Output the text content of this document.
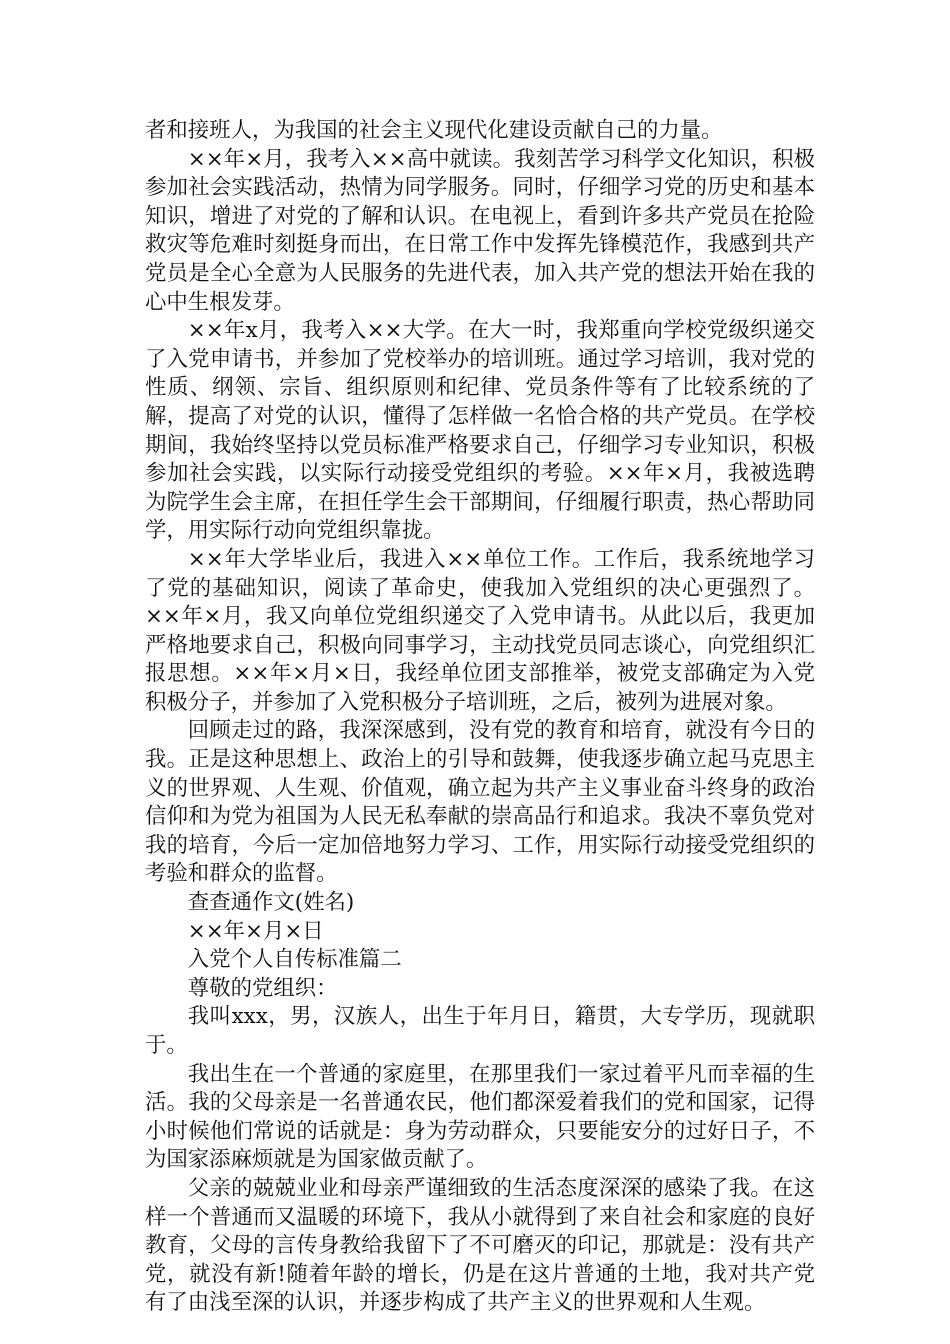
者和接班人，为我国的社会主义现代化建设贡献自己的力量。

××年×月，我考入××高中就读。我刻苦学习科学文化知识，积极参加社会实践活动，热情为同学服务。同时，仔细学习党的历史和基本知识，增进了对党的了解和认识。在电视上，看到许多共产党员在抢险救灾等危难时刻挺身而出，在日常工作中发挥先锋模范作，我感到共产党员是全心全意为人民服务的先进代表，加入共产党的想法开始在我的心中生根发芽。

××年x月，我考入××大学。在大一时，我郑重向学校党级织递交了入党申请书，并参加了党校举办的培训班。通过学习培训，我对党的性质、纲领、宗旨、组织原则和纪律、党员条件等有了比较系统的了解，提高了对党的认识，懂得了怎样做一名恰合格的共产党员。在学校期间，我始终坚持以党员标准严格要求自己，仔细学习专业知识，积极参加社会实践，以实际行动接受党组织的考验。××年×月，我被选聘为院学生会主席，在担任学生会干部期间，仔细履行职责，热心帮助同学，用实际行动向党组织靠拢。

××年大学毕业后，我进入××单位工作。工作后，我系统地学习了党的基础知识，阅读了革命史，使我加入党组织的决心更强烈了。××年×月，我又向单位党组织递交了入党申请书。从此以后，我更加严格地要求自己，积极向同事学习，主动找党员同志谈心，向党组织汇报思想。××年×月×日，我经单位团支部推举，被党支部确定为入党积极分子，并参加了入党积极分子培训班，之后，被列为进展对象。

回顾走过的路，我深深感到，没有党的教育和培育，就没有今日的我。正是这种思想上、政治上的引导和鼓舞，使我逐步确立起马克思主义的世界观、人生观、价值观，确立起为共产主义事业奋斗终身的政治信仰和为党为祖国为人民无私奉献的崇高品行和追求。我决不辜负党对我的培育，今后一定加倍地努力学习、工作，用实际行动接受党组织的考验和群众的监督。

查查通作文(姓名)

××年×月×日

入党个人自传标准篇二

尊敬的党组织：

我叫xxx，男，汉族人，出生于年月日，籍贯，大专学历，现就职于。

我出生在一个普通的家庭里，在那里我们一家过着平凡而幸福的生活。我的父母亲是一名普通农民，他们都深爱着我们的党和国家，记得小时候他们常说的话就是：身为劳动群众，只要能安分的过好日子，不为国家添麻烦就是为国家做贡献了。

父亲的兢兢业业和母亲严谨细致的生活态度深深的感染了我。在这样一个普通而又温暖的环境下，我从小就得到了来自社会和家庭的良好教育，父母的言传身教给我留下了不可磨灭的印记，那就是：没有共产党，就没有新!随着年龄的增长，仍是在这片普通的土地，我对共产党有了由浅至深的认识，并逐步构成了共产主义的世界观和人生观。
